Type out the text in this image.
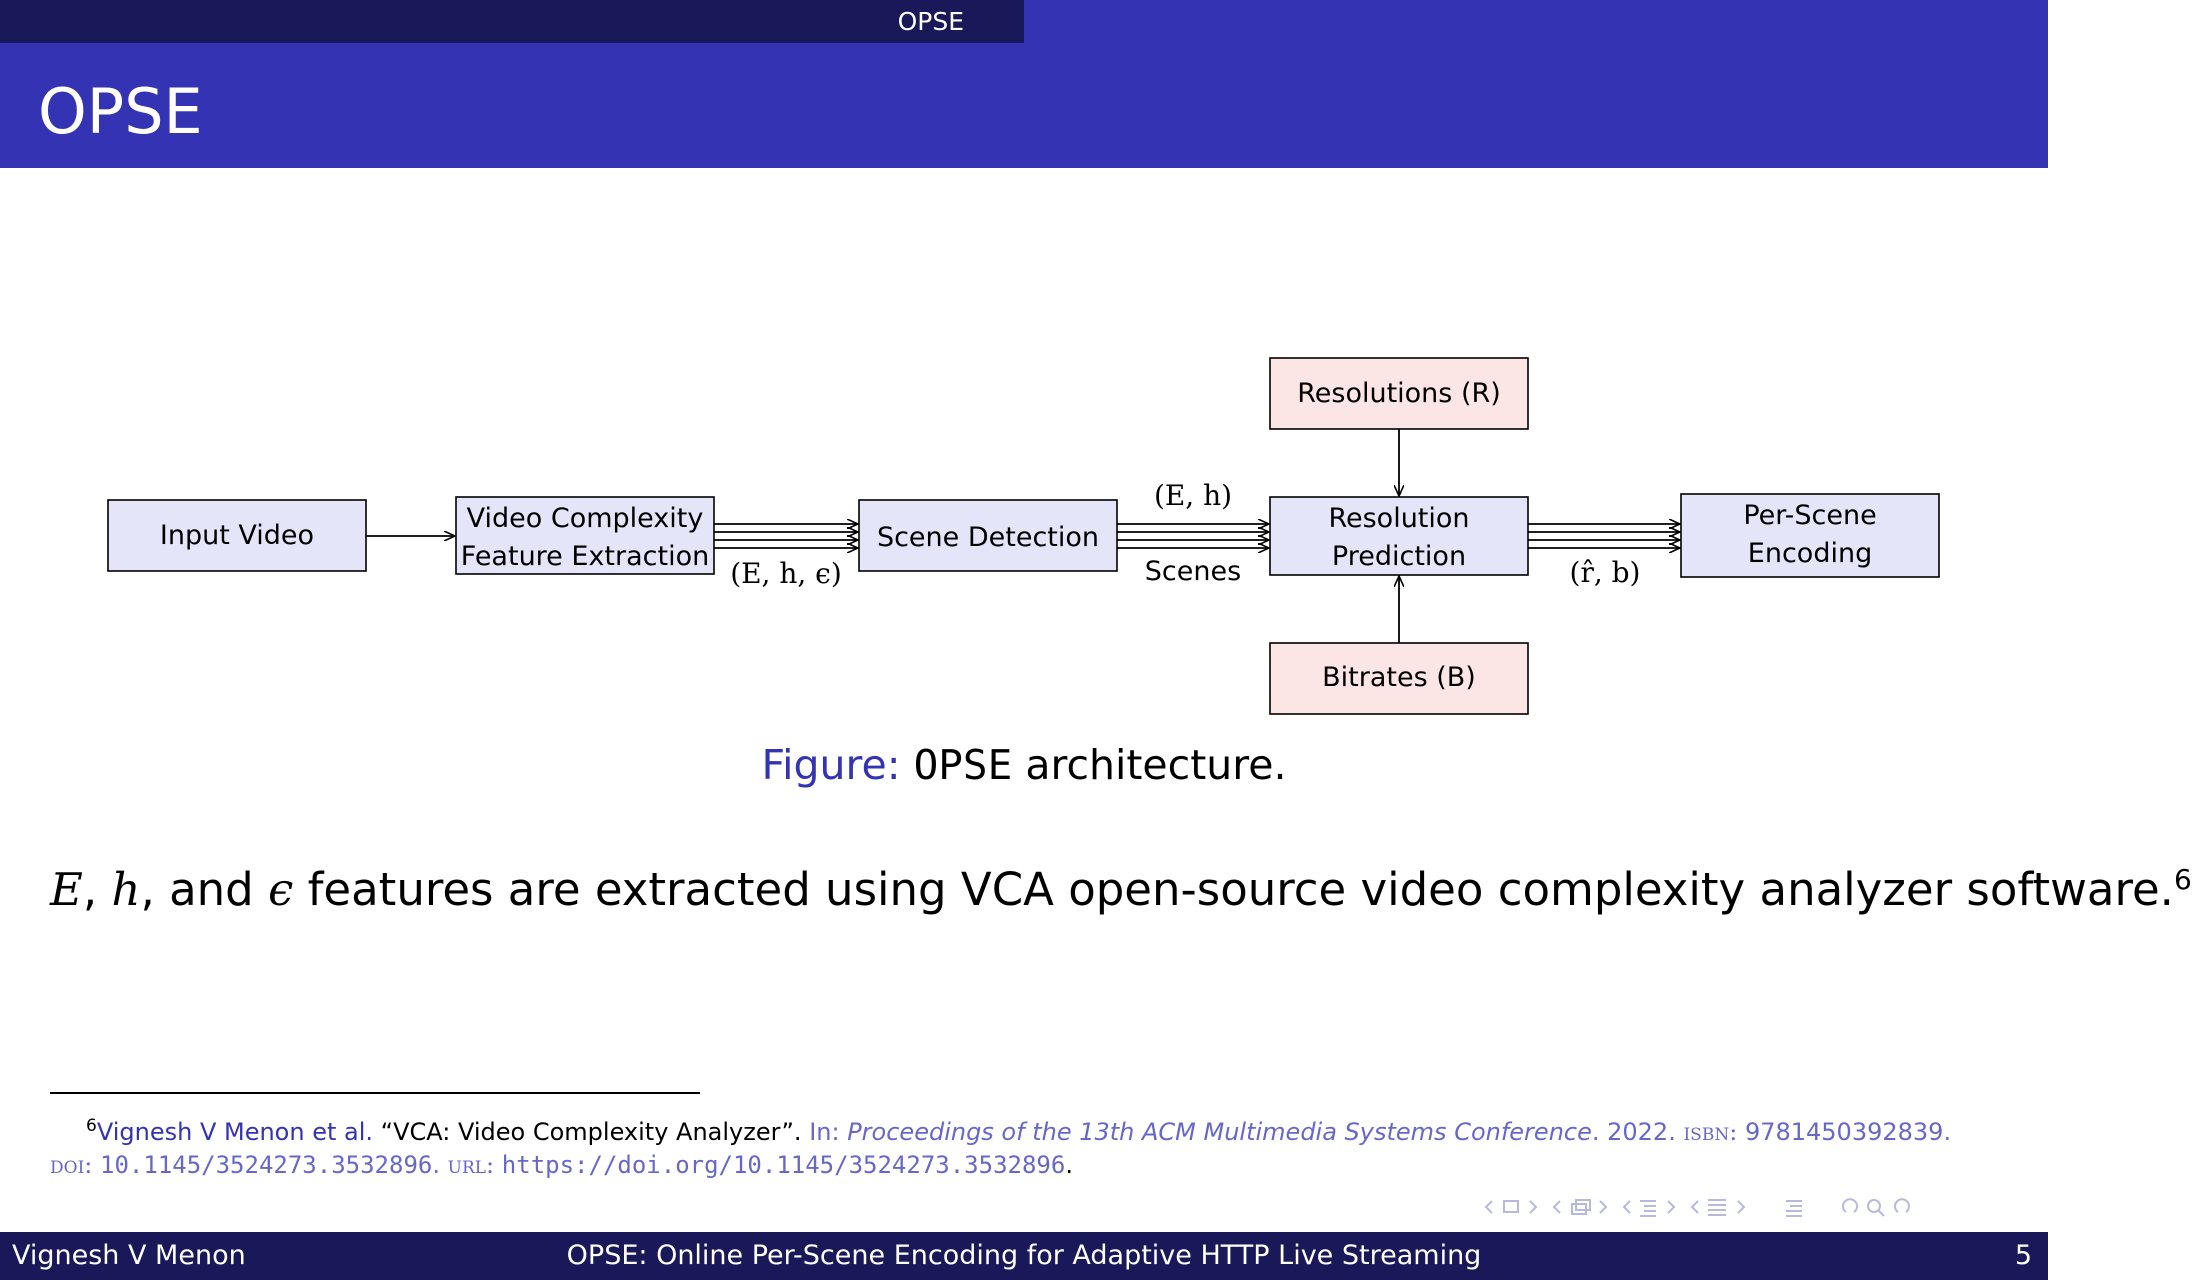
OPSE
OPSE
Input Video
Video Complexity
Feature Extraction
Scene Detection
Resolution
Prediction
Per-Scene
Encoding
Resolutions (R)
Bitrates (B)
(E, h, ϵ)
(E, h)
Scenes	(r̂, b)
Figure: OPSE architecture.
E, h, and ϵ features are extracted using VCA open-source video complexity analyzer software.$^6$
$^6$Vignesh V Menon et al. “VCA: Video Complexity Analyzer”. In: Proceedings of the 13th ACM Multimedia Systems Conference. 2022. isbn: 9781450392839.
doi: 10.1145/3524273.3532896. url: https://doi.org/10.1145/3524273.3532896.
Vignesh V Menon	OPSE: Online Per-Scene Encoding for Adaptive HTTP Live Streaming	5
